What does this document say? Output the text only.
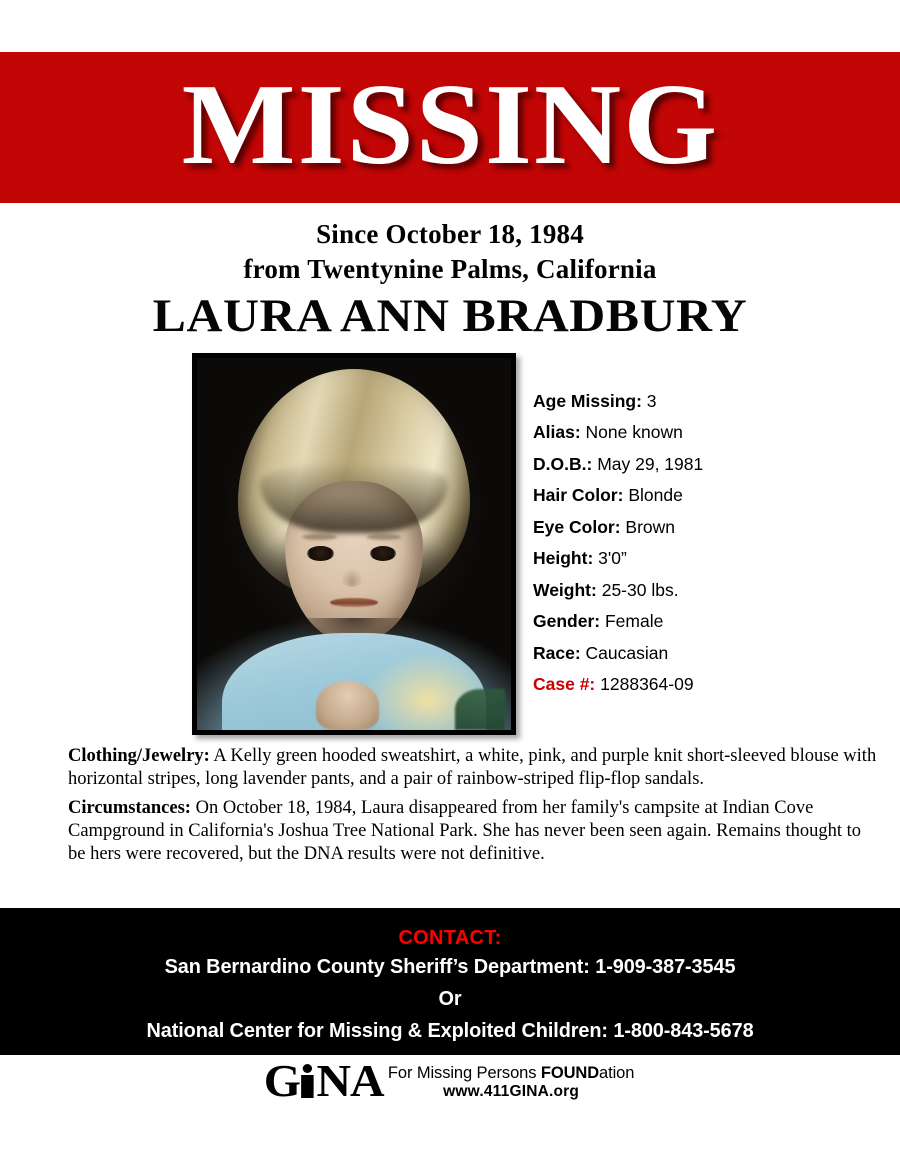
MISSING
Since October 18, 1984
from Twentynine Palms, California
LAURA ANN BRADBURY
Age Missing: 3
Alias: None known
D.O.B.: May 29, 1981
Hair Color: Blonde
Eye Color: Brown
Height: 3'0”
Weight: 25-30 lbs.
Gender: Female
Race: Caucasian
Case #: 1288364-09

Clothing/Jewelry: A Kelly green hooded sweatshirt, a white, pink, and purple knit short-sleeved blouse with horizontal stripes, long lavender pants, and a pair of rainbow-striped flip-flop sandals.

Circumstances: On October 18, 1984, Laura disappeared from her family's campsite at Indian Cove Campground in California's Joshua Tree National Park. She has never been seen again. Remains thought to be hers were recovered, but the DNA results were not definitive.

CONTACT:
San Bernardino County Sheriff’s Department: 1-909-387-3545
Or
National Center for Missing & Exploited Children: 1-800-843-5678
G NA For Missing Persons FOUNDation
www.411GINA.org
